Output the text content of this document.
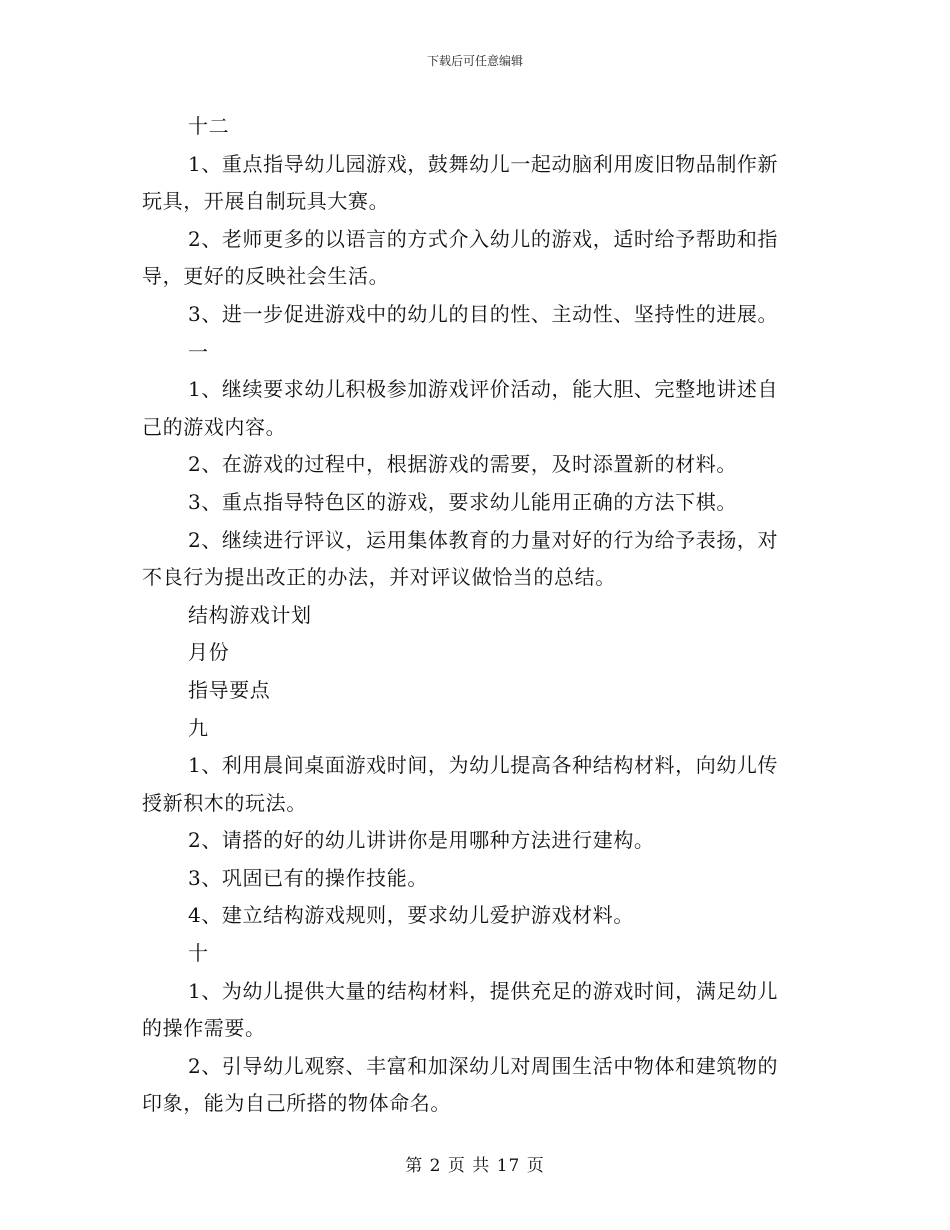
下载后可任意编辑
十二
1、重点指导幼儿园游戏，鼓舞幼儿一起动脑利用废旧物品制作新
玩具，开展自制玩具大赛。
2、老师更多的以语言的方式介入幼儿的游戏，适时给予帮助和指
导，更好的反映社会生活。
3、进一步促进游戏中的幼儿的目的性、主动性、坚持性的进展。
一
1、继续要求幼儿积极参加游戏评价活动，能大胆、完整地讲述自
己的游戏内容。
2、在游戏的过程中，根据游戏的需要，及时添置新的材料。
3、重点指导特色区的游戏，要求幼儿能用正确的方法下棋。
2、继续进行评议，运用集体教育的力量对好的行为给予表扬，对
不良行为提出改正的办法，并对评议做恰当的总结。
结构游戏计划
月份
指导要点
九
1、利用晨间桌面游戏时间，为幼儿提高各种结构材料，向幼儿传
授新积木的玩法。
2、请搭的好的幼儿讲讲你是用哪种方法进行建构。
3、巩固已有的操作技能。
4、建立结构游戏规则，要求幼儿爱护游戏材料。
十
1、为幼儿提供大量的结构材料，提供充足的游戏时间，满足幼儿
的操作需要。
2、引导幼儿观察、丰富和加深幼儿对周围生活中物体和建筑物的
印象，能为自己所搭的物体命名。
第 2 页 共 17 页
